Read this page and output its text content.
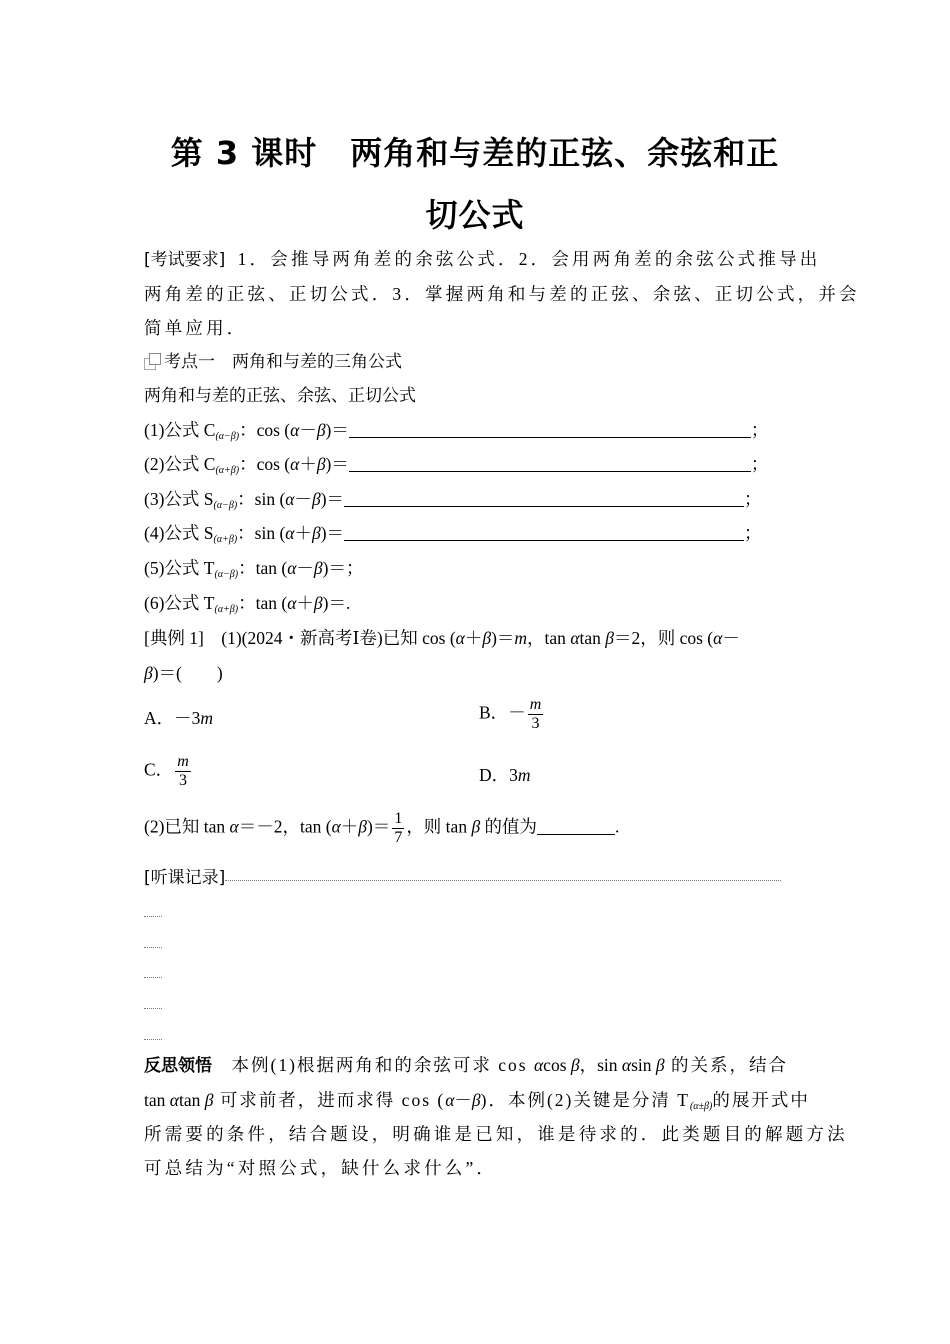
第 3 课时　两角和与差的正弦、余弦和正
切公式
[考试要求] 1．会推导两角差的余弦公式．2．会用两角差的余弦公式推导出
两角差的正弦、正切公式．3．掌握两角和与差的正弦、余弦、正切公式，并会
简单应用．
考点一　两角和与差的三角公式
两角和与差的正弦、余弦、正切公式
(1)公式 $C_{(\alpha-\beta)}$：cos (α－β)＝	；
(2)公式 $C_{(\alpha+\beta)}$：cos (α＋β)＝	；
(3)公式 $S_{(\alpha-\beta)}$：sin (α－β)＝	；
(4)公式 $S_{(\alpha+\beta)}$：sin (α＋β)＝	；
(5)公式 $T_{(\alpha-\beta)}$：tan (α－β)＝；
(6)公式 $T_{(\alpha+\beta)}$：tan (α＋β)＝.
[典例 1]　(1)(2024・新高考Ⅰ卷)已知 cos (α＋β)＝m，tan αtan β＝2，则 cos (α－
β)＝(　　)
A．－3m	B．－ $\frac{m}{3}$
C． $\frac{m}{3}$	D．3m
(2)已知 tan α＝－2，$\tan (\alpha+\beta)= \frac{1}{7}$ ，则 tan β 的值为	.
[听课记录]
反思领悟　本例(1)根据两角和的余弦可求 cos αcos β，sin αsin β 的关系，结合
tan αtan β 可求前者，进而求得 cos (α－β)．本例(2)关键是分清 $T_{(\alpha\pm\beta)}$的展开式中
所需要的条件，结合题设，明确谁是已知，谁是待求的．此类题目的解题方法
可总结为“对照公式，缺什么求什么”．
